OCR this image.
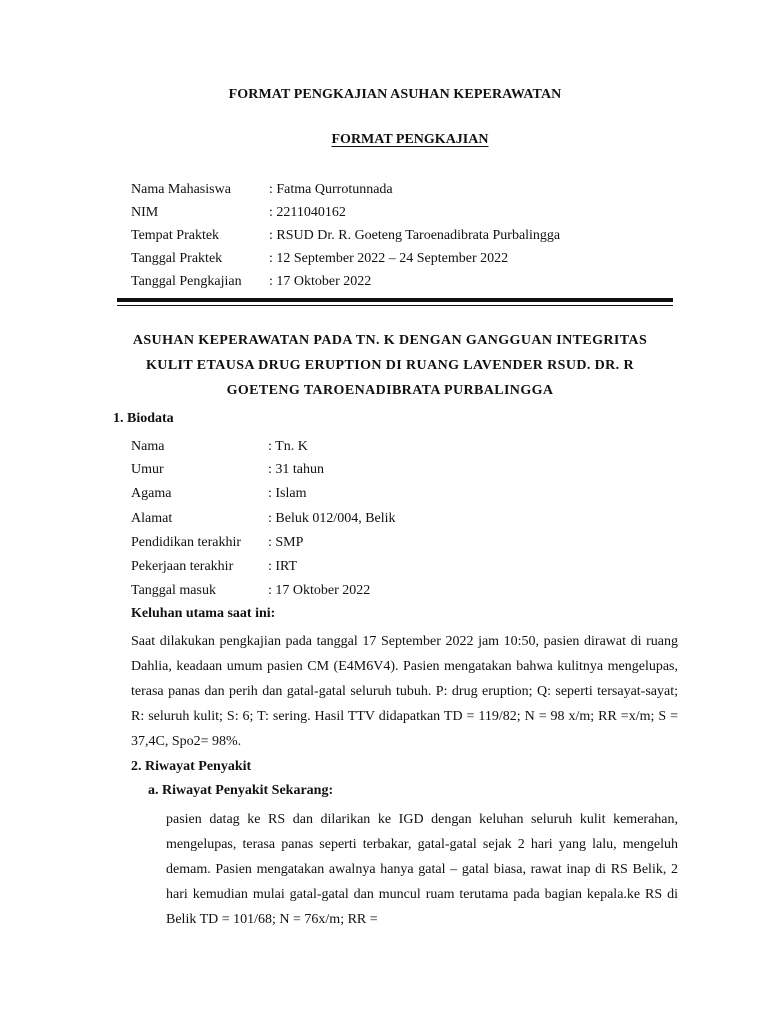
FORMAT PENGKAJIAN ASUHAN KEPERAWATAN
FORMAT PENGKAJIAN
Nama Mahasiswa	: Fatma Qurrotunnada
NIM	: 2211040162
Tempat Praktek	: RSUD Dr. R. Goeteng Taroenadibrata Purbalingga
Tanggal Praktek	: 12 September 2022 – 24 September 2022
Tanggal Pengkajian	: 17 Oktober 2022
ASUHAN KEPERAWATAN PADA TN. K DENGAN GANGGUAN INTEGRITAS
KULIT ETAUSA DRUG ERUPTION DI RUANG LAVENDER RSUD. DR. R
GOETENG TAROENADIBRATA PURBALINGGA
1. Biodata
Nama	: Tn. K
Umur	: 31 tahun
Agama	: Islam
Alamat	: Beluk 012/004, Belik
Pendidikan terakhir	: SMP
Pekerjaan terakhir	: IRT
Tanggal masuk	: 17 Oktober 2022
Keluhan utama saat ini:
Saat dilakukan pengkajian pada tanggal 17 September 2022 jam 10:50, pasien dirawat di ruang Dahlia, keadaan umum pasien CM (E4M6V4). Pasien mengatakan bahwa kulitnya mengelupas, terasa panas dan perih dan gatal-gatal seluruh tubuh. P: drug eruption; Q: seperti tersayat-sayat; R: seluruh kulit; S: 6; T: sering. Hasil TTV didapatkan TD = 119/82; N = 98 x/m; RR =x/m; S = 37,4C, Spo2= 98%.
2. Riwayat Penyakit
a. Riwayat Penyakit Sekarang:
pasien datag ke RS dan dilarikan ke IGD dengan keluhan seluruh kulit kemerahan, mengelupas, terasa panas seperti terbakar, gatal-gatal sejak 2 hari yang lalu, mengeluh demam. Pasien mengatakan awalnya hanya gatal – gatal biasa, rawat inap di RS Belik, 2 hari kemudian mulai gatal-gatal dan muncul ruam terutama pada bagian kepala.ke RS di Belik TD = 101/68; N = 76x/m; RR =
